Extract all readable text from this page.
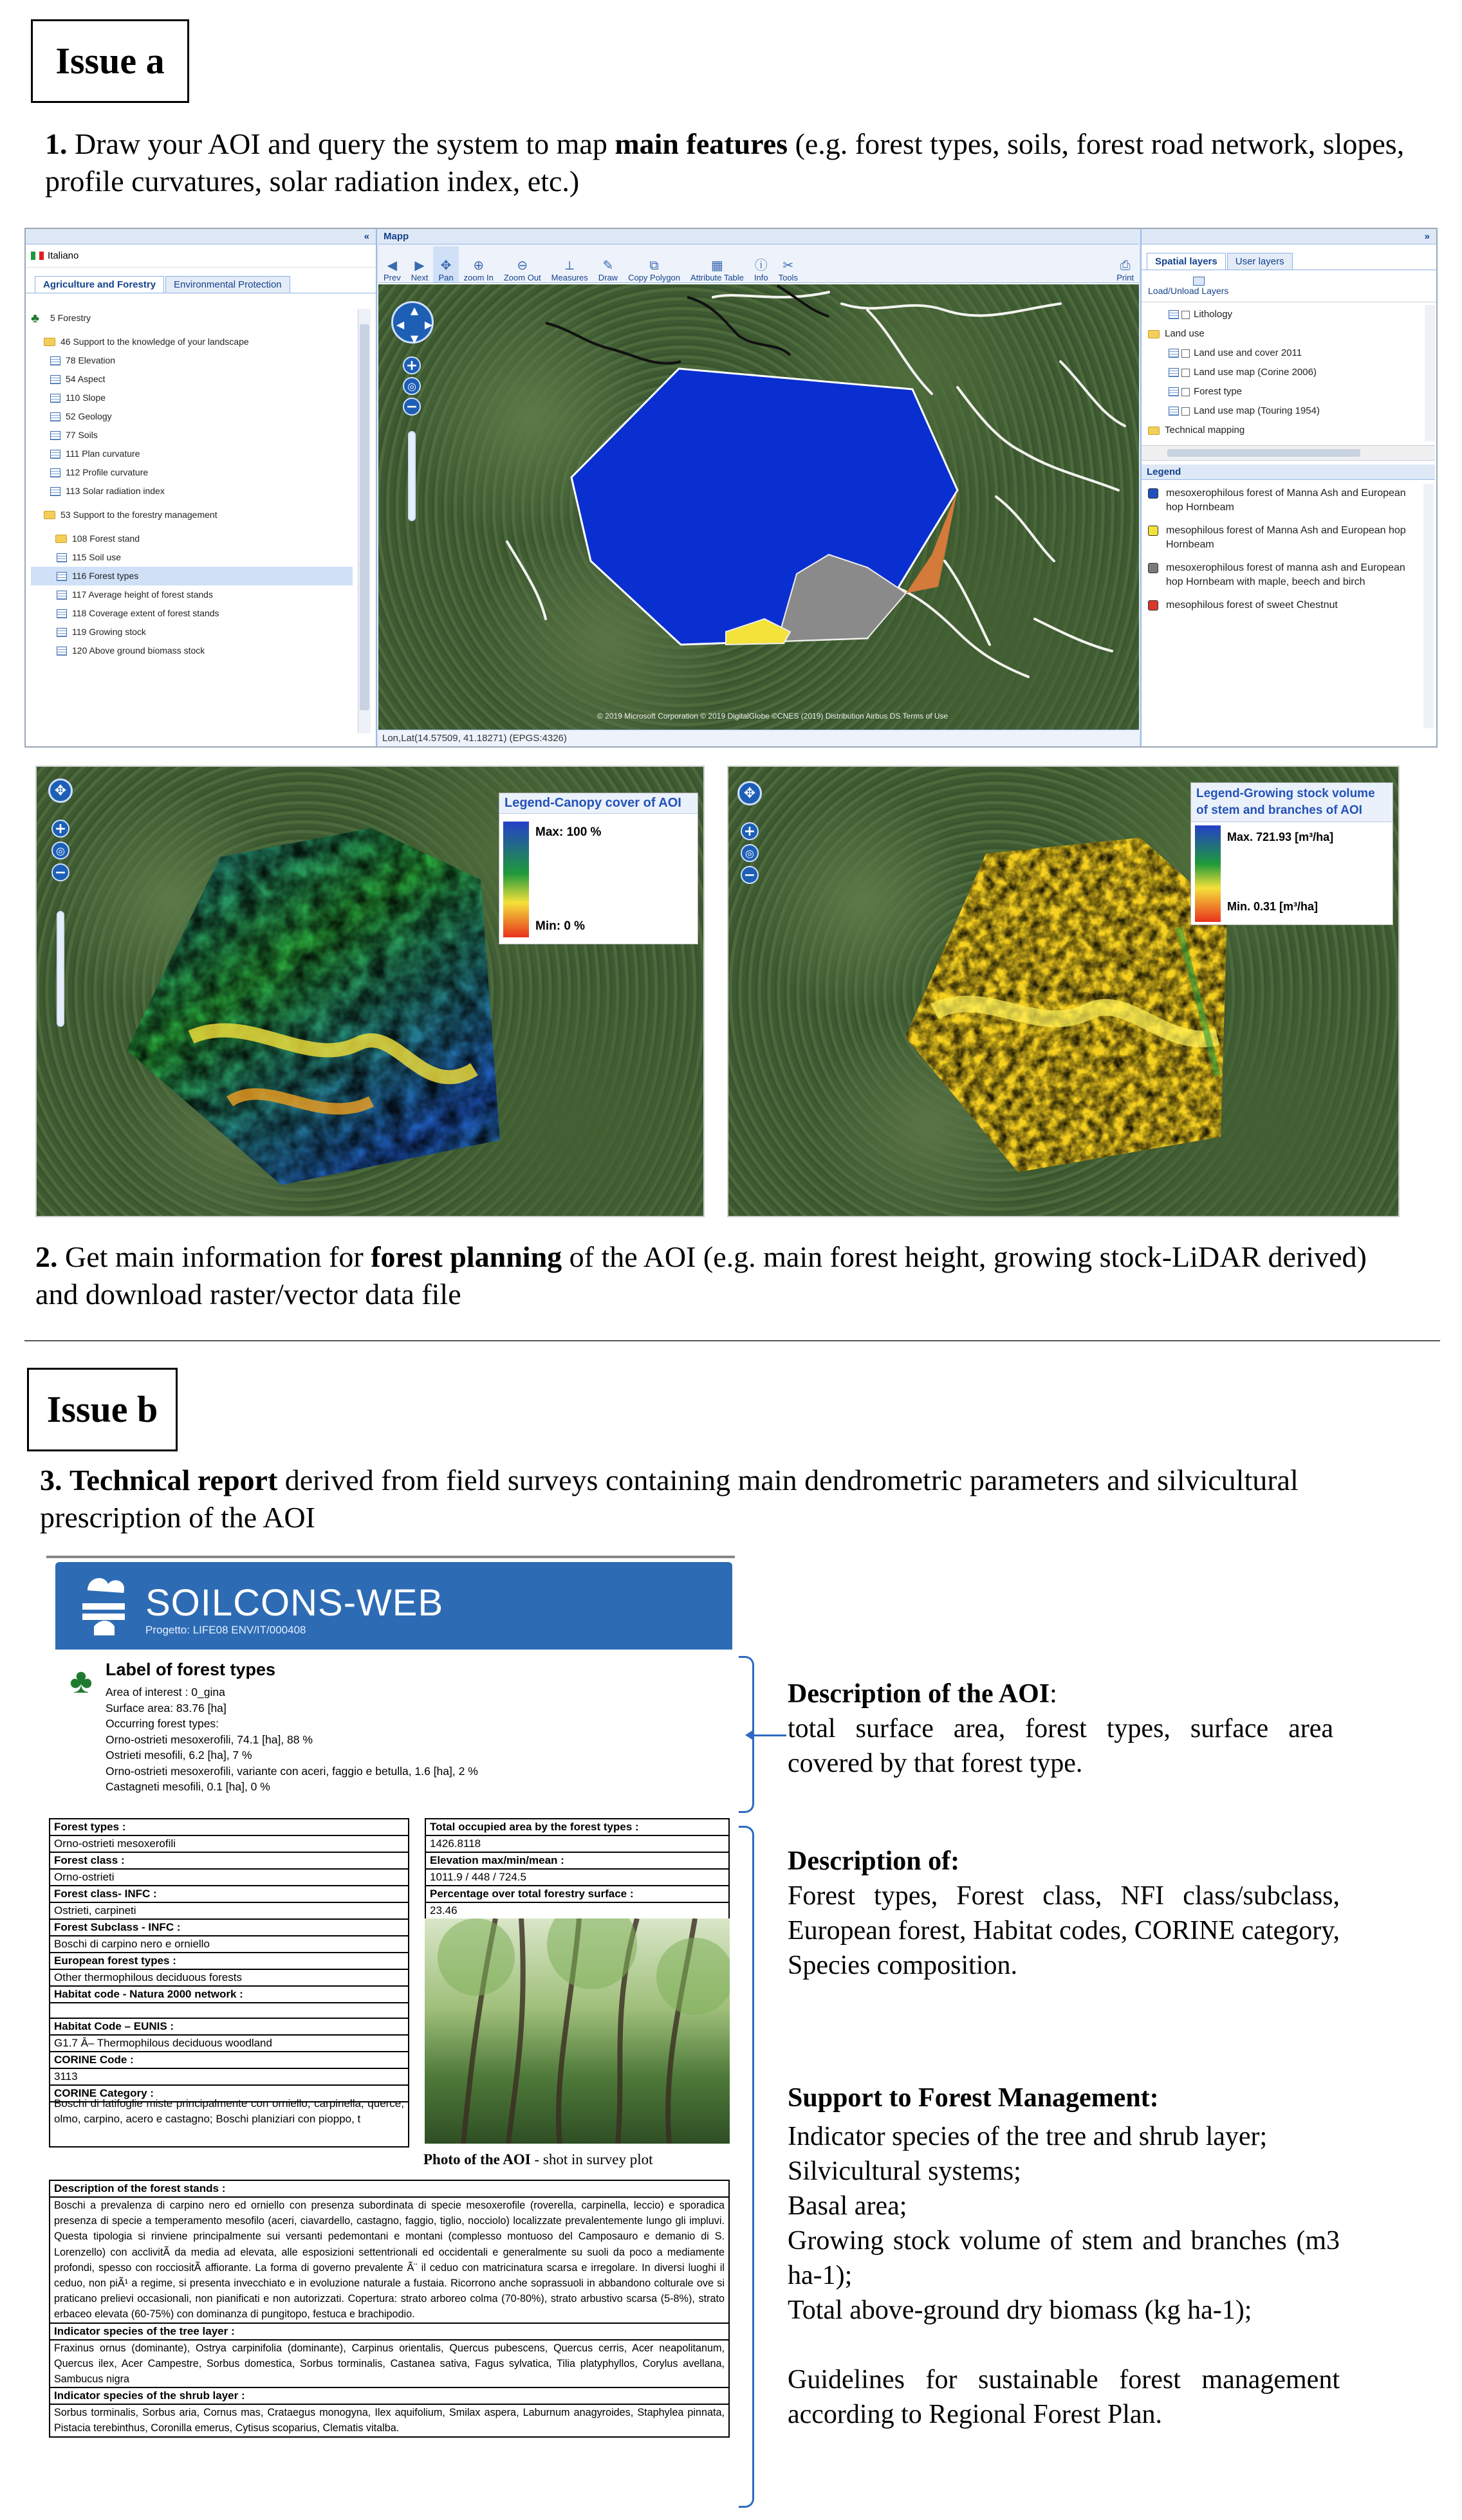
Issue a
1. Draw your AOI and query the system to map main features (e.g. forest types, soils, forest road network, slopes, profile curvatures, solar radiation index, etc.)
«
Italiano
Agriculture and Forestry	Environmental Protection
♣	5 Forestry
46 Support to the knowledge of your landscape
78 Elevation
54 Aspect
110 Slope
52 Geology
77 Soils
111 Plan curvature
112 Profile curvature
113 Solar radiation index
53 Support to the forestry management
108 Forest stand
115 Soil use
116 Forest types
117 Average height of forest stands
118 Coverage extent of forest stands
119 Growing stock
120 Above ground biomass stock
Mapp
◀
Prev
▶
Next
✥
Pan
⊕
zoom In
⊖
Zoom Out
⟂
Measures
✎
Draw
⧉
Copy Polygon
▦
Attribute Table
ⓘ
Info
✂
Tools
⎙
Print
▲
◀ ▶
▼
+
◎
−
© 2019 Microsoft Corporation © 2019 DigitalGlobe ©CNES (2019) Distribution Airbus DS Terms of Use
Lon,Lat(14.57509, 41.18271) (EPGS:4326)
»
Spatial layers	User layers
Load/Unload Layers
Lithology
Land use
Land use and cover 2011
Land use map (Corine 2006)
Forest type
Land use map (Touring 1954)
Technical mapping
Legend
mesoxerophilous forest of Manna Ash and European hop Hornbeam
mesophilous forest of Manna Ash and European hop Hornbeam
mesoxerophilous forest of manna ash and European hop Hornbeam with maple, beech and birch
mesophilous forest of sweet Chestnut
✥
+
◎
−
Legend-Canopy cover of AOI
Max: 100 %
Min: 0 %
✥
+
◎
−
Legend-Growing stock volume
of stem and branches of AOI
Max. 721.93 [m³/ha]
Min. 0.31 [m³/ha]
2. Get main information for forest planning of the AOI (e.g. main forest height, growing stock-LiDAR derived) and download raster/vector data file
Issue b
3. Technical report derived from field surveys containing main dendrometric parameters and silvicultural prescription of the AOI
SOILCONS-WEB
Progetto: LIFE08 ENV/IT/000408
♣ Label of forest types
Area of interest : 0_gina
Surface area: 83.76 [ha]
Occurring forest types:
Orno-ostrieti mesoxerofili, 74.1 [ha], 88 %
Ostrieti mesofili, 6.2 [ha], 7 %
Orno-ostrieti mesoxerofili, variante con aceri, faggio e betulla, 1.6 [ha], 2 %
Castagneti mesofili, 0.1 [ha], 0 %
Forest types :
Orno-ostrieti mesoxerofili
Forest class :
Orno-ostrieti
Forest class- INFC :
Ostrieti, carpineti
Forest Subclass - INFC :
Boschi di carpino nero e orniello
European forest types :
Other thermophilous deciduous forests
Habitat code - Natura 2000 network :
Habitat Code – EUNIS :
G1.7 Â– Thermophilous deciduous woodland
CORINE Code :
3113
CORINE Category :
Boschi di latifoglie miste principalmente con orniello, carpinella, querce, olmo, carpino, acero e castagno; Boschi planiziari con pioppo, t
Total occupied area by the forest types :
1426.8118
Elevation max/min/mean :
1011.9 / 448 / 724.5
Percentage over total forestry surface :
23.46
Photo of the AOI - shot in survey plot
Description of the forest stands :
Boschi a prevalenza di carpino nero ed orniello con presenza subordinata di specie mesoxerofile (roverella, carpinella, leccio) e sporadica presenza di specie a temperamento mesofilo (aceri, ciavardello, castagno, faggio, tiglio, nocciolo) localizzate prevalentemente lungo gli impluvi. Questa tipologia si rinviene principalmente sui versanti pedemontani e montani (complesso montuoso del Camposauro e demanio di S. Lorenzello) con acclivitÃ da media ad elevata, alle esposizioni settentrionali ed occidentali e generalmente su suoli da poco a mediamente profondi, spesso con rocciositÃ affiorante. La forma di governo prevalente Ã¨ il ceduo con matricinatura scarsa e irregolare. In diversi luoghi il ceduo, non piÃ¹ a regime, si presenta invecchiato e in evoluzione naturale a fustaia. Ricorrono anche soprassuoli in abbandono colturale ove si praticano prelievi occasionali, non pianificati e non autorizzati. Copertura: strato arboreo colma (70-80%), strato arbustivo scarsa (5-8%), strato erbaceo elevata (60-75%) con dominanza di pungitopo, festuca e brachipodio.
Indicator species of the tree layer :
Fraxinus ornus (dominante), Ostrya carpinifolia (dominante), Carpinus orientalis, Quercus pubescens, Quercus cerris, Acer neapolitanum, Quercus ilex, Acer Campestre, Sorbus domestica, Sorbus torminalis, Castanea sativa, Fagus sylvatica, Tilia platyphyllos, Corylus avellana, Sambucus nigra
Indicator species of the shrub layer :
Sorbus torminalis, Sorbus aria, Cornus mas, Crataegus monogyna, Ilex aquifolium, Smilax aspera, Laburnum anagyroides, Staphylea pinnata, Pistacia terebinthus, Coronilla emerus, Cytisus scoparius, Clematis vitalba.
Description of the AOI:
total surface area, forest types, surface area covered by that forest type.
Description of:
Forest types, Forest class, NFI class/subclass, European forest, Habitat codes, CORINE category, Species composition.
Support to Forest Management:
Indicator species of the tree and shrub layer;
Silvicultural systems;
Basal area;
Growing stock volume of stem and branches (m3 ha-1);
Total above-ground dry biomass (kg ha-1);
Guidelines for sustainable forest management according to Regional Forest Plan.
